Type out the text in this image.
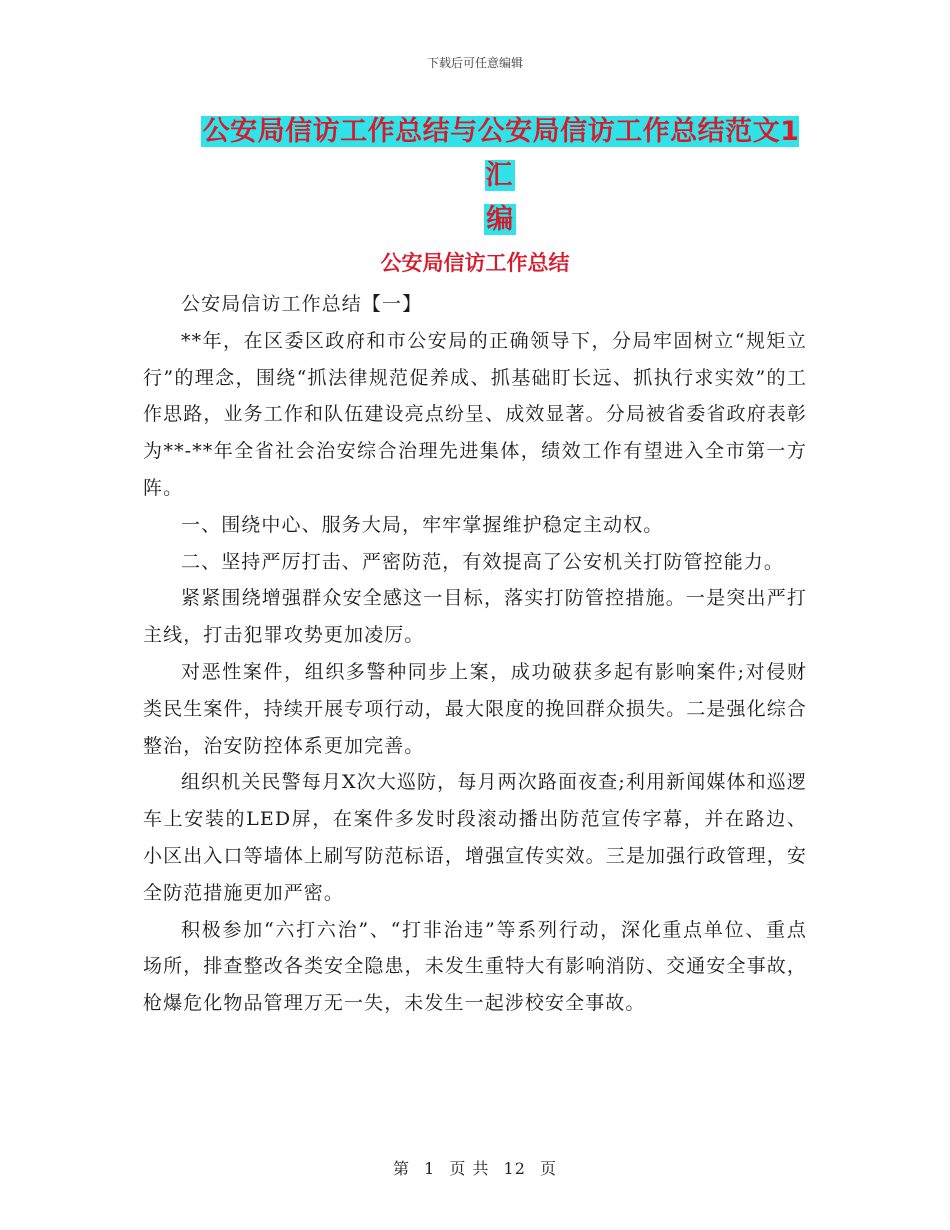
下载后可任意编辑
公安局信访工作总结与公安局信访工作总结范文1汇
编
公安局信访工作总结

公安局信访工作总结【一】

**年，在区委区政府和市公安局的正确领导下，分局牢固树立“规矩立行”的理念，围绕“抓法律规范促养成、抓基础盯长远、抓执行求实效”的工作思路，业务工作和队伍建设亮点纷呈、成效显著。分局被省委省政府表彰为**-**年全省社会治安综合治理先进集体，绩效工作有望进入全市第一方阵。

一、围绕中心、服务大局，牢牢掌握维护稳定主动权。

二、坚持严厉打击、严密防范，有效提高了公安机关打防管控能力。

紧紧围绕增强群众安全感这一目标，落实打防管控措施。一是突出严打主线，打击犯罪攻势更加凌厉。

对恶性案件，组织多警种同步上案，成功破获多起有影响案件;对侵财类民生案件，持续开展专项行动，最大限度的挽回群众损失。二是强化综合整治，治安防控体系更加完善。

组织机关民警每月X次大巡防，每月两次路面夜查;利用新闻媒体和巡逻车上安装的LED屏，在案件多发时段滚动播出防范宣传字幕，并在路边、小区出入口等墙体上刷写防范标语，增强宣传实效。三是加强行政管理，安全防范措施更加严密。

积极参加“六打六治”、“打非治违”等系列行动，深化重点单位、重点场所，排查整改各类安全隐患，未发生重特大有影响消防、交通安全事故，枪爆危化物品管理万无一失，未发生一起涉校安全事故。

第 1 页 共 12 页
